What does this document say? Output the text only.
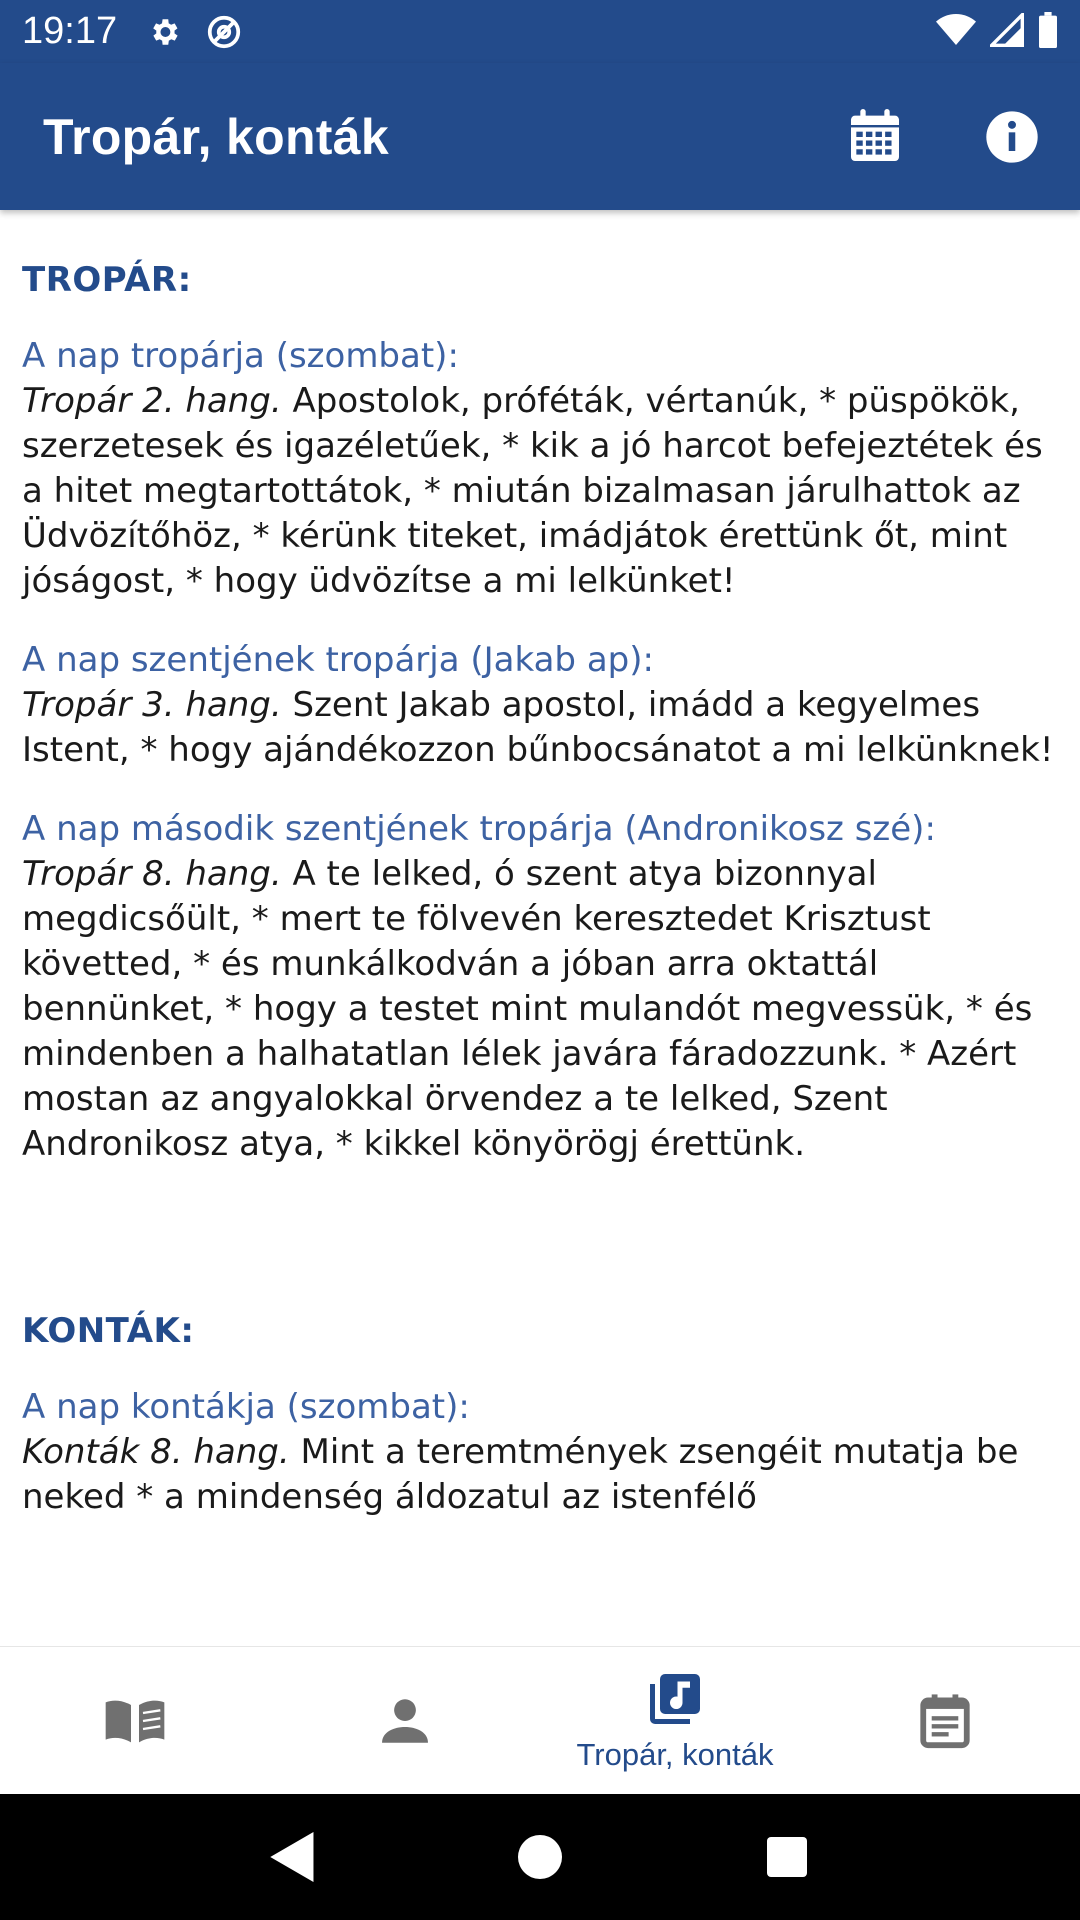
19:17
Tropár, konták
TROPÁR:
A nap tropárja (szombat):
Tropár 2. hang. Apostolok, próféták, vértanúk, * püspökök, szerzetesek és igazéletűek, * kik a jó harcot befejeztétek és a hitet megtartottátok, * miután bizalmasan járulhattok az Üdvözítőhöz, * kérünk titeket, imádjátok érettünk őt, mint jóságost, * hogy üdvözítse a mi lelkünket!
A nap szentjének tropárja (Jakab ap):
Tropár 3. hang. Szent Jakab apostol, imádd a kegyelmes Istent, * hogy ajándékozzon bűnbocsánatot a mi lelkünknek!
A nap második szentjének tropárja (Andronikosz szé):
Tropár 8. hang. A te lelked, ó szent atya bizonnyal megdicsőült, * mert te fölvevén keresztedet Krisztust követted, * és munkálkodván a jóban arra oktattál bennünket, * hogy a testet mint mulandót megvessük, * és mindenben a halhatatlan lélek javára fáradozzunk. * Azért mostan az angyalokkal örvendez a te lelked, Szent Andronikosz atya, * kikkel könyörögj érettünk.
KONTÁK:
A nap kontákja (szombat):
Konták 8. hang. Mint a teremtmények zsengéit mutatja be neked * a mindenség áldozatul az istenfélő
Tropár, konták
